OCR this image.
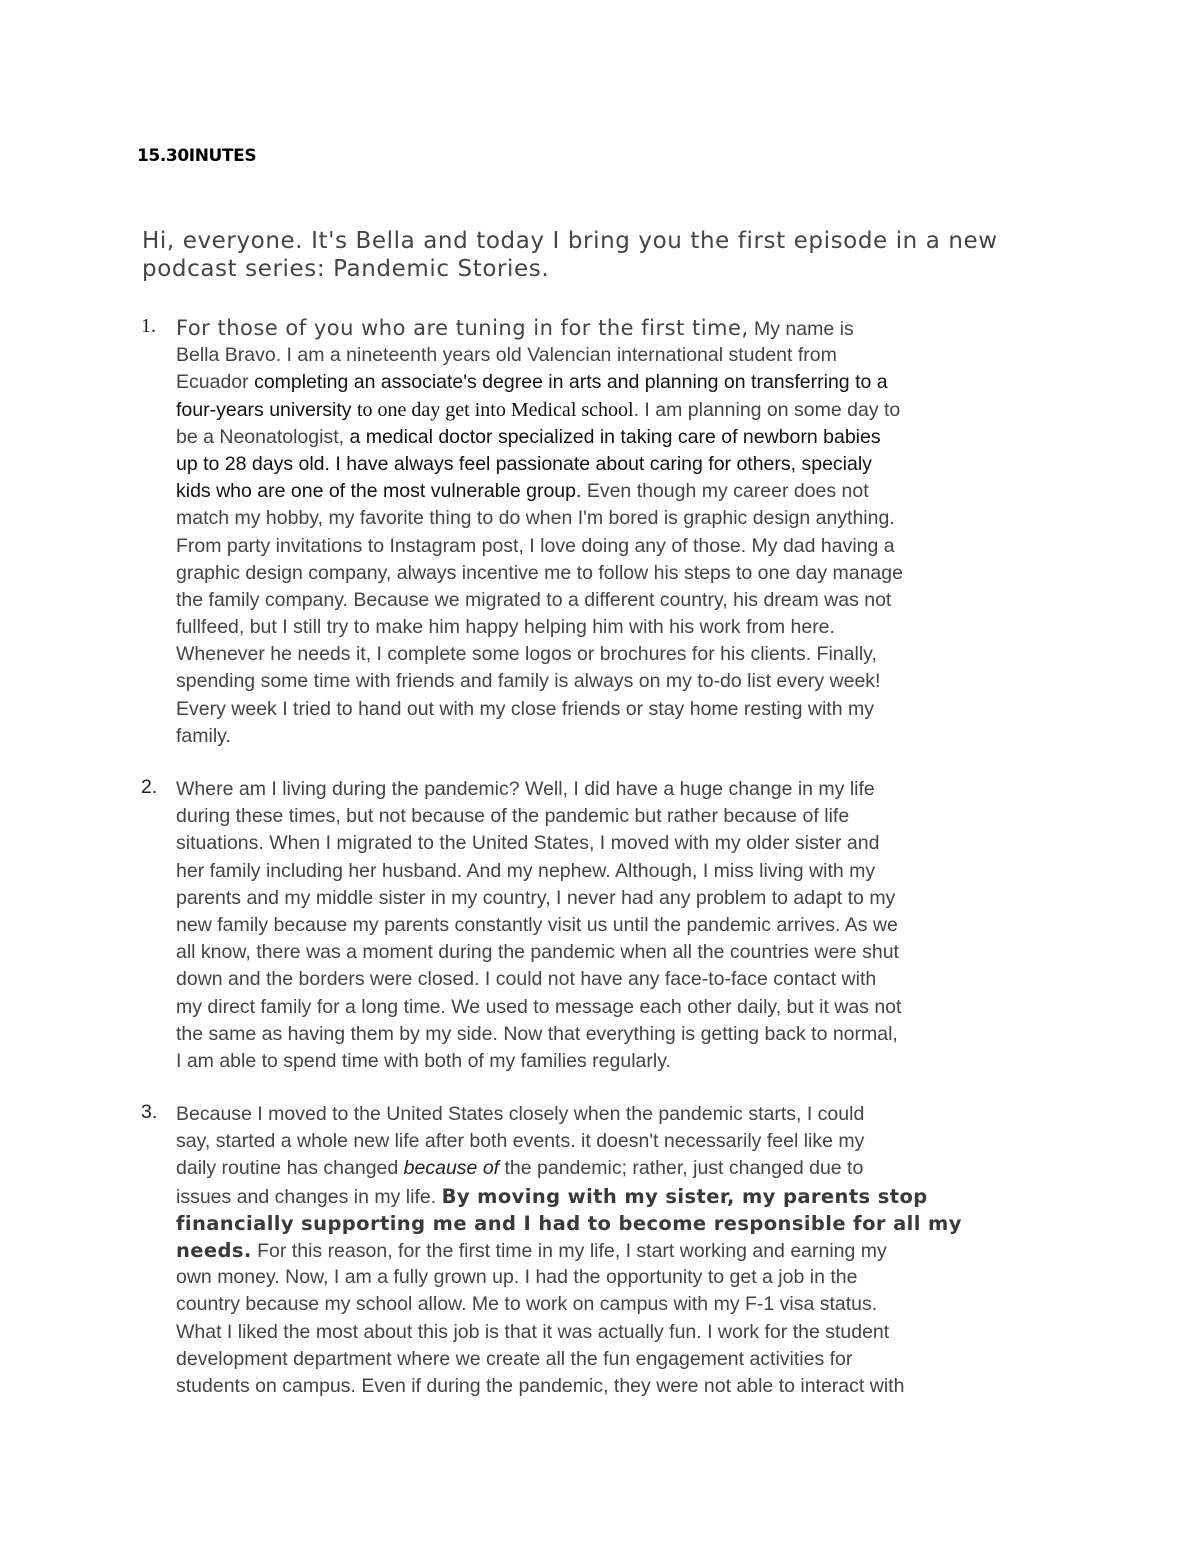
15.30INUTES
Hi, everyone. It's Bella and today I bring you the first episode in a new podcast series: Pandemic Stories.
1. For those of you who are tuning in for the first time, My name is
Bella Bravo. I am a nineteenth years old Valencian international student from
Ecuador completing an associate's degree in arts and planning on transferring to a
four-years university to one day get into Medical school. I am planning on some day to
be a Neonatologist, a medical doctor specialized in taking care of newborn babies
up to 28 days old. I have always feel passionate about caring for others, specialy
kids who are one of the most vulnerable group. Even though my career does not
match my hobby, my favorite thing to do when I'm bored is graphic design anything.
From party invitations to Instagram post, I love doing any of those. My dad having a
graphic design company, always incentive me to follow his steps to one day manage
the family company. Because we migrated to a different country, his dream was not
fullfeed, but I still try to make him happy helping him with his work from here.
Whenever he needs it, I complete some logos or brochures for his clients. Finally,
spending some time with friends and family is always on my to-do list every week!
Every week I tried to hand out with my close friends or stay home resting with my
family.
2. Where am I living during the pandemic? Well, I did have a huge change in my life
during these times, but not because of the pandemic but rather because of life
situations. When I migrated to the United States, I moved with my older sister and
her family including her husband. And my nephew. Although, I miss living with my
parents and my middle sister in my country, I never had any problem to adapt to my
new family because my parents constantly visit us until the pandemic arrives. As we
all know, there was a moment during the pandemic when all the countries were shut
down and the borders were closed. I could not have any face-to-face contact with
my direct family for a long time. We used to message each other daily, but it was not
the same as having them by my side. Now that everything is getting back to normal,
I am able to spend time with both of my families regularly.
3. Because I moved to the United States closely when the pandemic starts, I could
say, started a whole new life after both events. it doesn't necessarily feel like my
daily routine has changed because of the pandemic; rather, just changed due to
issues and changes in my life. By moving with my sister, my parents stop
financially supporting me and I had to become responsible for all my
needs. For this reason, for the first time in my life, I start working and earning my
own money. Now, I am a fully grown up. I had the opportunity to get a job in the
country because my school allow. Me to work on campus with my F-1 visa status.
What I liked the most about this job is that it was actually fun. I work for the student
development department where we create all the fun engagement activities for
students on campus. Even if during the pandemic, they were not able to interact with
